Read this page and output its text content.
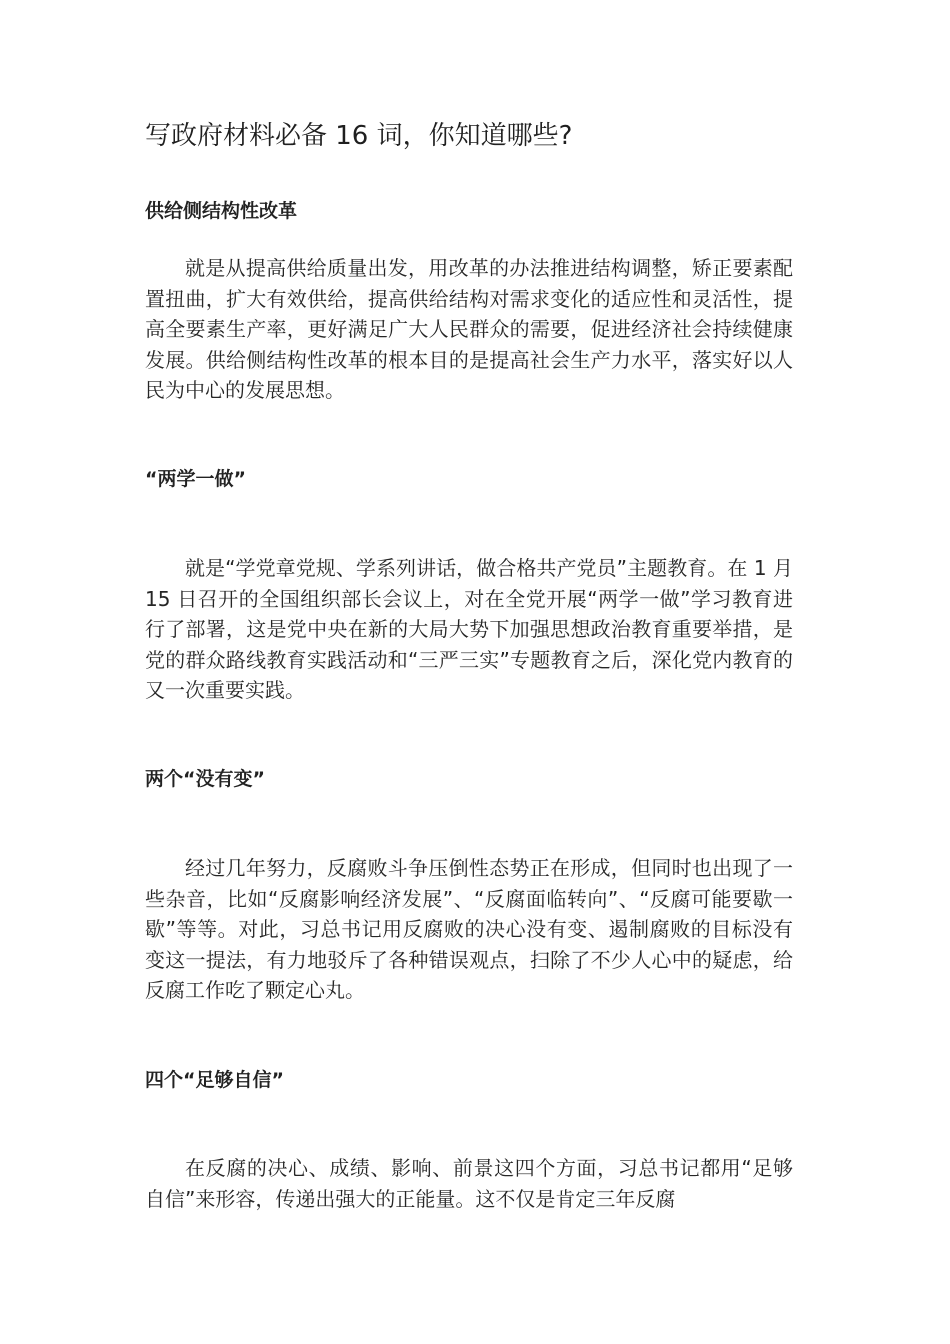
写政府材料必备 16 词，你知道哪些?
供给侧结构性改革

就是从提高供给质量出发，用改革的办法推进结构调整，矫正要素配置扭曲，扩大有效供给，提高供给结构对需求变化的适应性和灵活性，提高全要素生产率，更好满足广大人民群众的需要，促进经济社会持续健康发展。供给侧结构性改革的根本目的是提高社会生产力水平，落实好以人民为中心的发展思想。

“两学一做”

就是“学党章党规、学系列讲话，做合格共产党员”主题教育。在 1 月 15 日召开的全国组织部长会议上，对在全党开展“两学一做”学习教育进行了部署，这是党中央在新的大局大势下加强思想政治教育重要举措，是党的群众路线教育实践活动和“三严三实”专题教育之后，深化党内教育的又一次重要实践。

两个“没有变”

经过几年努力，反腐败斗争压倒性态势正在形成，但同时也出现了一些杂音，比如“反腐影响经济发展”、“反腐面临转向”、“反腐可能要歇一歇”等等。对此，习总书记用反腐败的决心没有变、遏制腐败的目标没有变这一提法，有力地驳斥了各种错误观点，扫除了不少人心中的疑虑，给反腐工作吃了颗定心丸。

四个“足够自信”

在反腐的决心、成绩、影响、前景这四个方面，习总书记都用“足够自信”来形容，传递出强大的正能量。这不仅是肯定三年反腐
